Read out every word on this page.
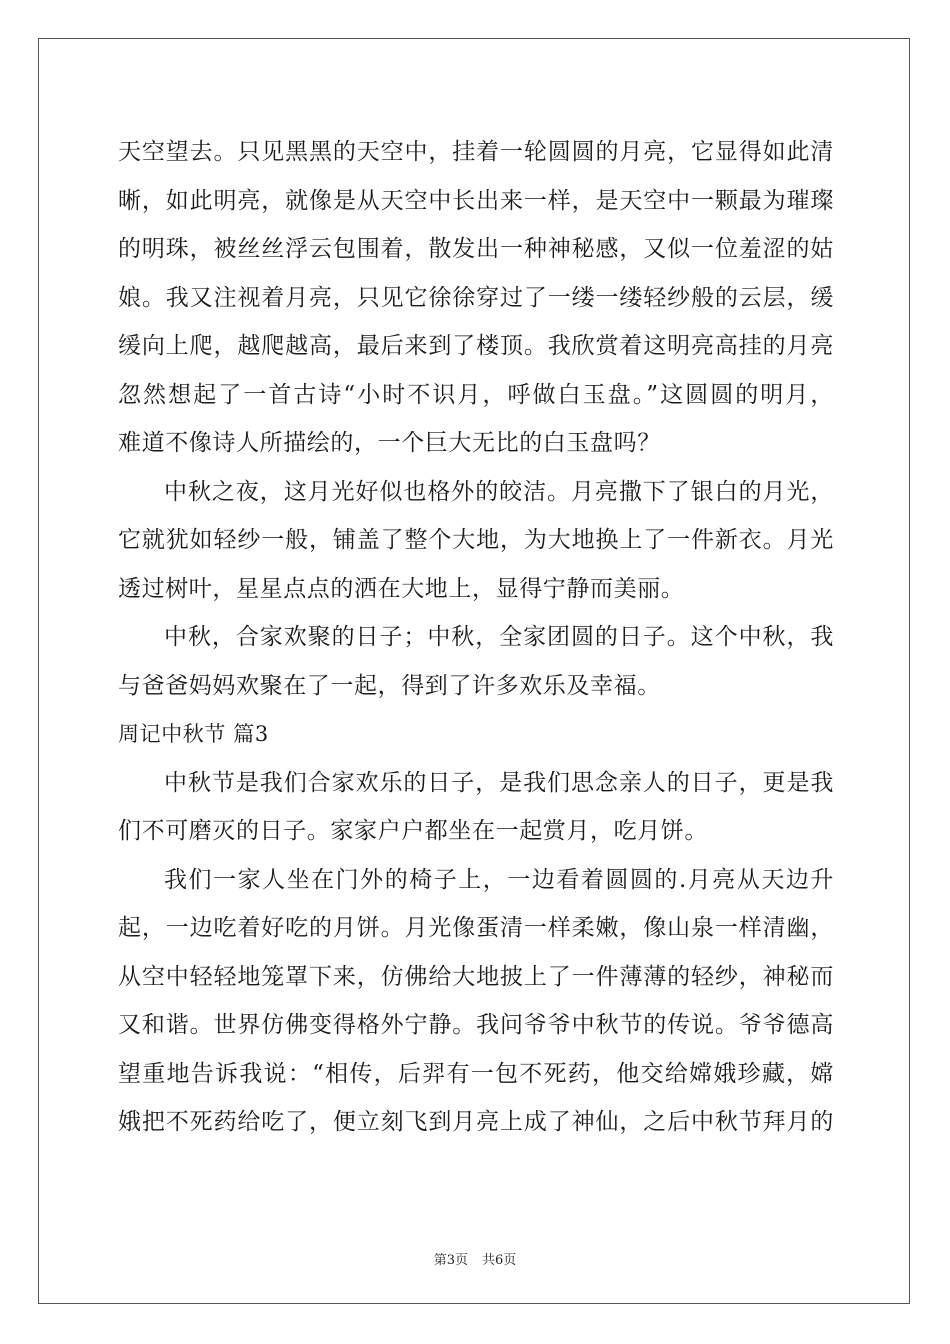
天空望去。只见黑黑的天空中，挂着一轮圆圆的月亮，它显得如此清
晰，如此明亮，就像是从天空中长出来一样，是天空中一颗最为璀璨
的明珠，被丝丝浮云包围着，散发出一种神秘感，又似一位羞涩的姑
娘。我又注视着月亮，只见它徐徐穿过了一缕一缕轻纱般的云层，缓
缓向上爬，越爬越高，最后来到了楼顶。我欣赏着这明亮高挂的月亮
忽然想起了一首古诗“小时不识月，呼做白玉盘。”这圆圆的明月，
难道不像诗人所描绘的，一个巨大无比的白玉盘吗？
中秋之夜，这月光好似也格外的皎洁。月亮撒下了银白的月光，
它就犹如轻纱一般，铺盖了整个大地，为大地换上了一件新衣。月光
透过树叶，星星点点的洒在大地上，显得宁静而美丽。
中秋，合家欢聚的日子；中秋，全家团圆的日子。这个中秋，我
与爸爸妈妈欢聚在了一起，得到了许多欢乐及幸福。
周记中秋节 篇3
中秋节是我们合家欢乐的日子，是我们思念亲人的日子，更是我
们不可磨灭的日子。家家户户都坐在一起赏月，吃月饼。
我们一家人坐在门外的椅子上，一边看着圆圆的.月亮从天边升
起，一边吃着好吃的月饼。月光像蛋清一样柔嫩，像山泉一样清幽，
从空中轻轻地笼罩下来，仿佛给大地披上了一件薄薄的轻纱，神秘而
又和谐。世界仿佛变得格外宁静。我问爷爷中秋节的传说。爷爷德高
望重地告诉我说：“相传，后羿有一包不死药，他交给嫦娥珍藏，嫦
娥把不死药给吃了，便立刻飞到月亮上成了神仙，之后中秋节拜月的
第3页 共6页
